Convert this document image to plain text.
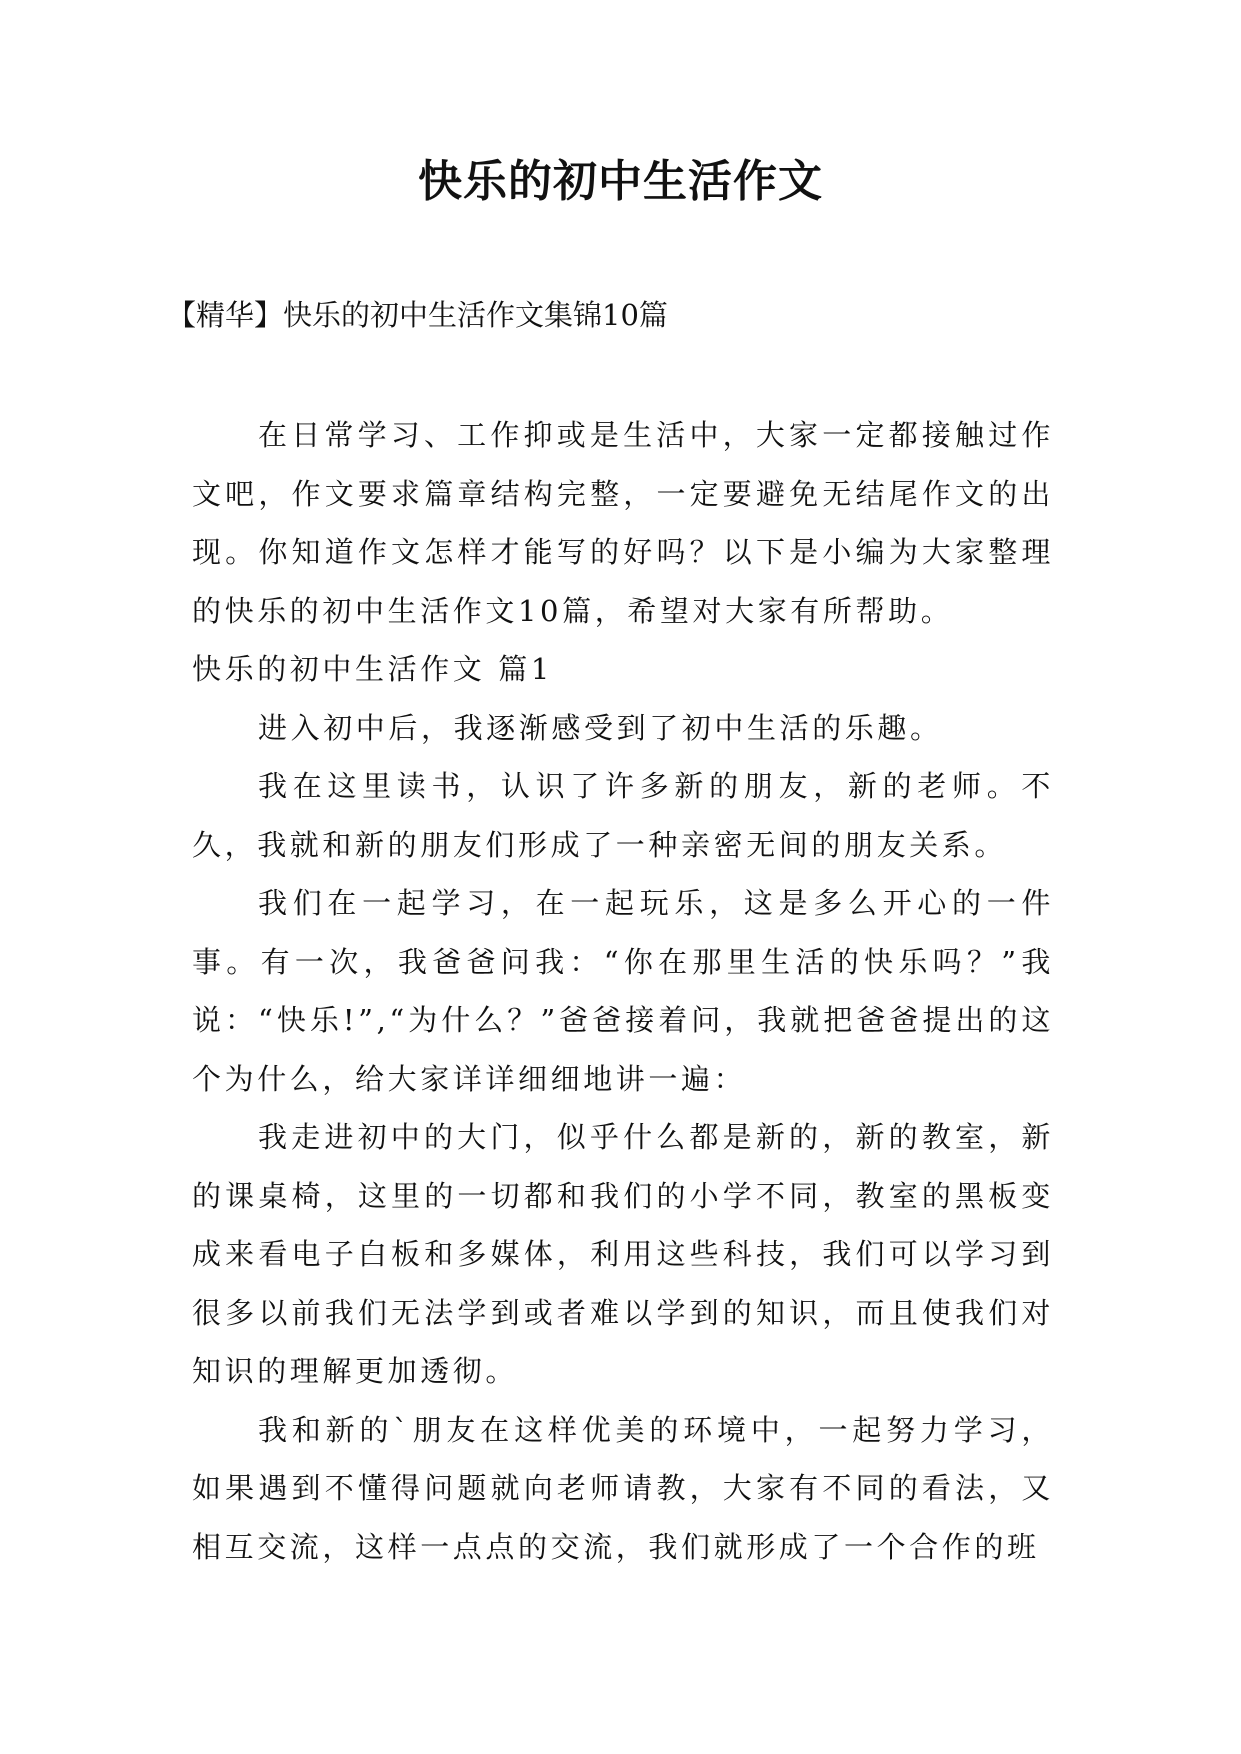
快乐的初中生活作文

【精华】快乐的初中生活作文集锦10篇

在日常学习、工作抑或是生活中，大家一定都接触过作文吧，作文要求篇章结构完整，一定要避免无结尾作文的出现。你知道作文怎样才能写的好吗？以下是小编为大家整理的快乐的初中生活作文10篇，希望对大家有所帮助。

快乐的初中生活作文 篇1

进入初中后，我逐渐感受到了初中生活的乐趣。

我在这里读书，认识了许多新的朋友，新的老师。不久，我就和新的朋友们形成了一种亲密无间的朋友关系。

我们在一起学习，在一起玩乐，这是多么开心的一件事。有一次，我爸爸问我：“你在那里生活的快乐吗？”我说：“快乐!”,“为什么？”爸爸接着问，我就把爸爸提出的这个为什么，给大家详详细细地讲一遍：

我走进初中的大门，似乎什么都是新的，新的教室，新的课桌椅，这里的一切都和我们的小学不同，教室的黑板变成来看电子白板和多媒体，利用这些科技，我们可以学习到很多以前我们无法学到或者难以学到的知识，而且使我们对知识的理解更加透彻。

我和新的`朋友在这样优美的环境中，一起努力学习，如果遇到不懂得问题就向老师请教，大家有不同的看法，又相互交流，这样一点点的交流，我们就形成了一个合作的班
